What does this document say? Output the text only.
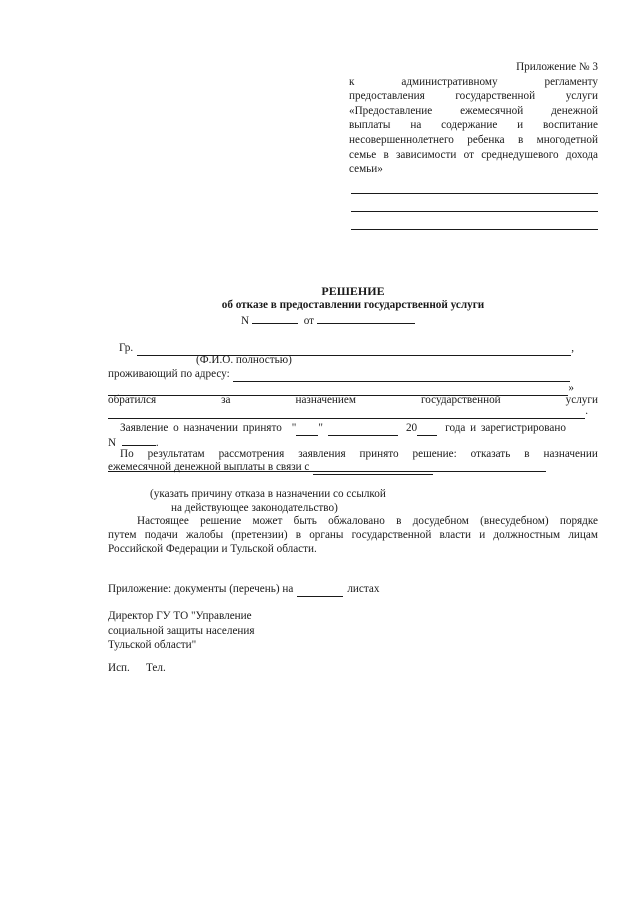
Приложение № 3
к	административному	регламенту
предоставления	государственной	услуги
«Предоставление ежемесячной денежной
выплаты на содержание и воспитание
несовершеннолетнего ребенка в многодетной
семье в зависимости от среднедушевого дохода
семьи»
РЕШЕНИЕ
об отказе в предоставлении государственной услуги
N	от
Гр.	,
(Ф.И.О. полностью)
проживающий по адресу:
»
обратился	за	назначением	государственной	услуги
.
Заявление о назначении принято " "	20	года и зарегистрировано
N	.
По результатам рассмотрения заявления принято решение: отказать в назначении
ежемесячной денежной выплаты в связи с
(указать причину отказа в назначении со ссылкой
на действующее законодательство)
Настоящее решение может быть обжаловано в досудебном (внесудебном) порядке
путем подачи жалобы (претензии) в органы государственной власти и должностным лицам
Российской Федерации и Тульской области.
Приложение: документы (перечень) на	листах
Директор ГУ ТО "Управление
социальной защиты населения
Тульской области"
Исп. Тел.
